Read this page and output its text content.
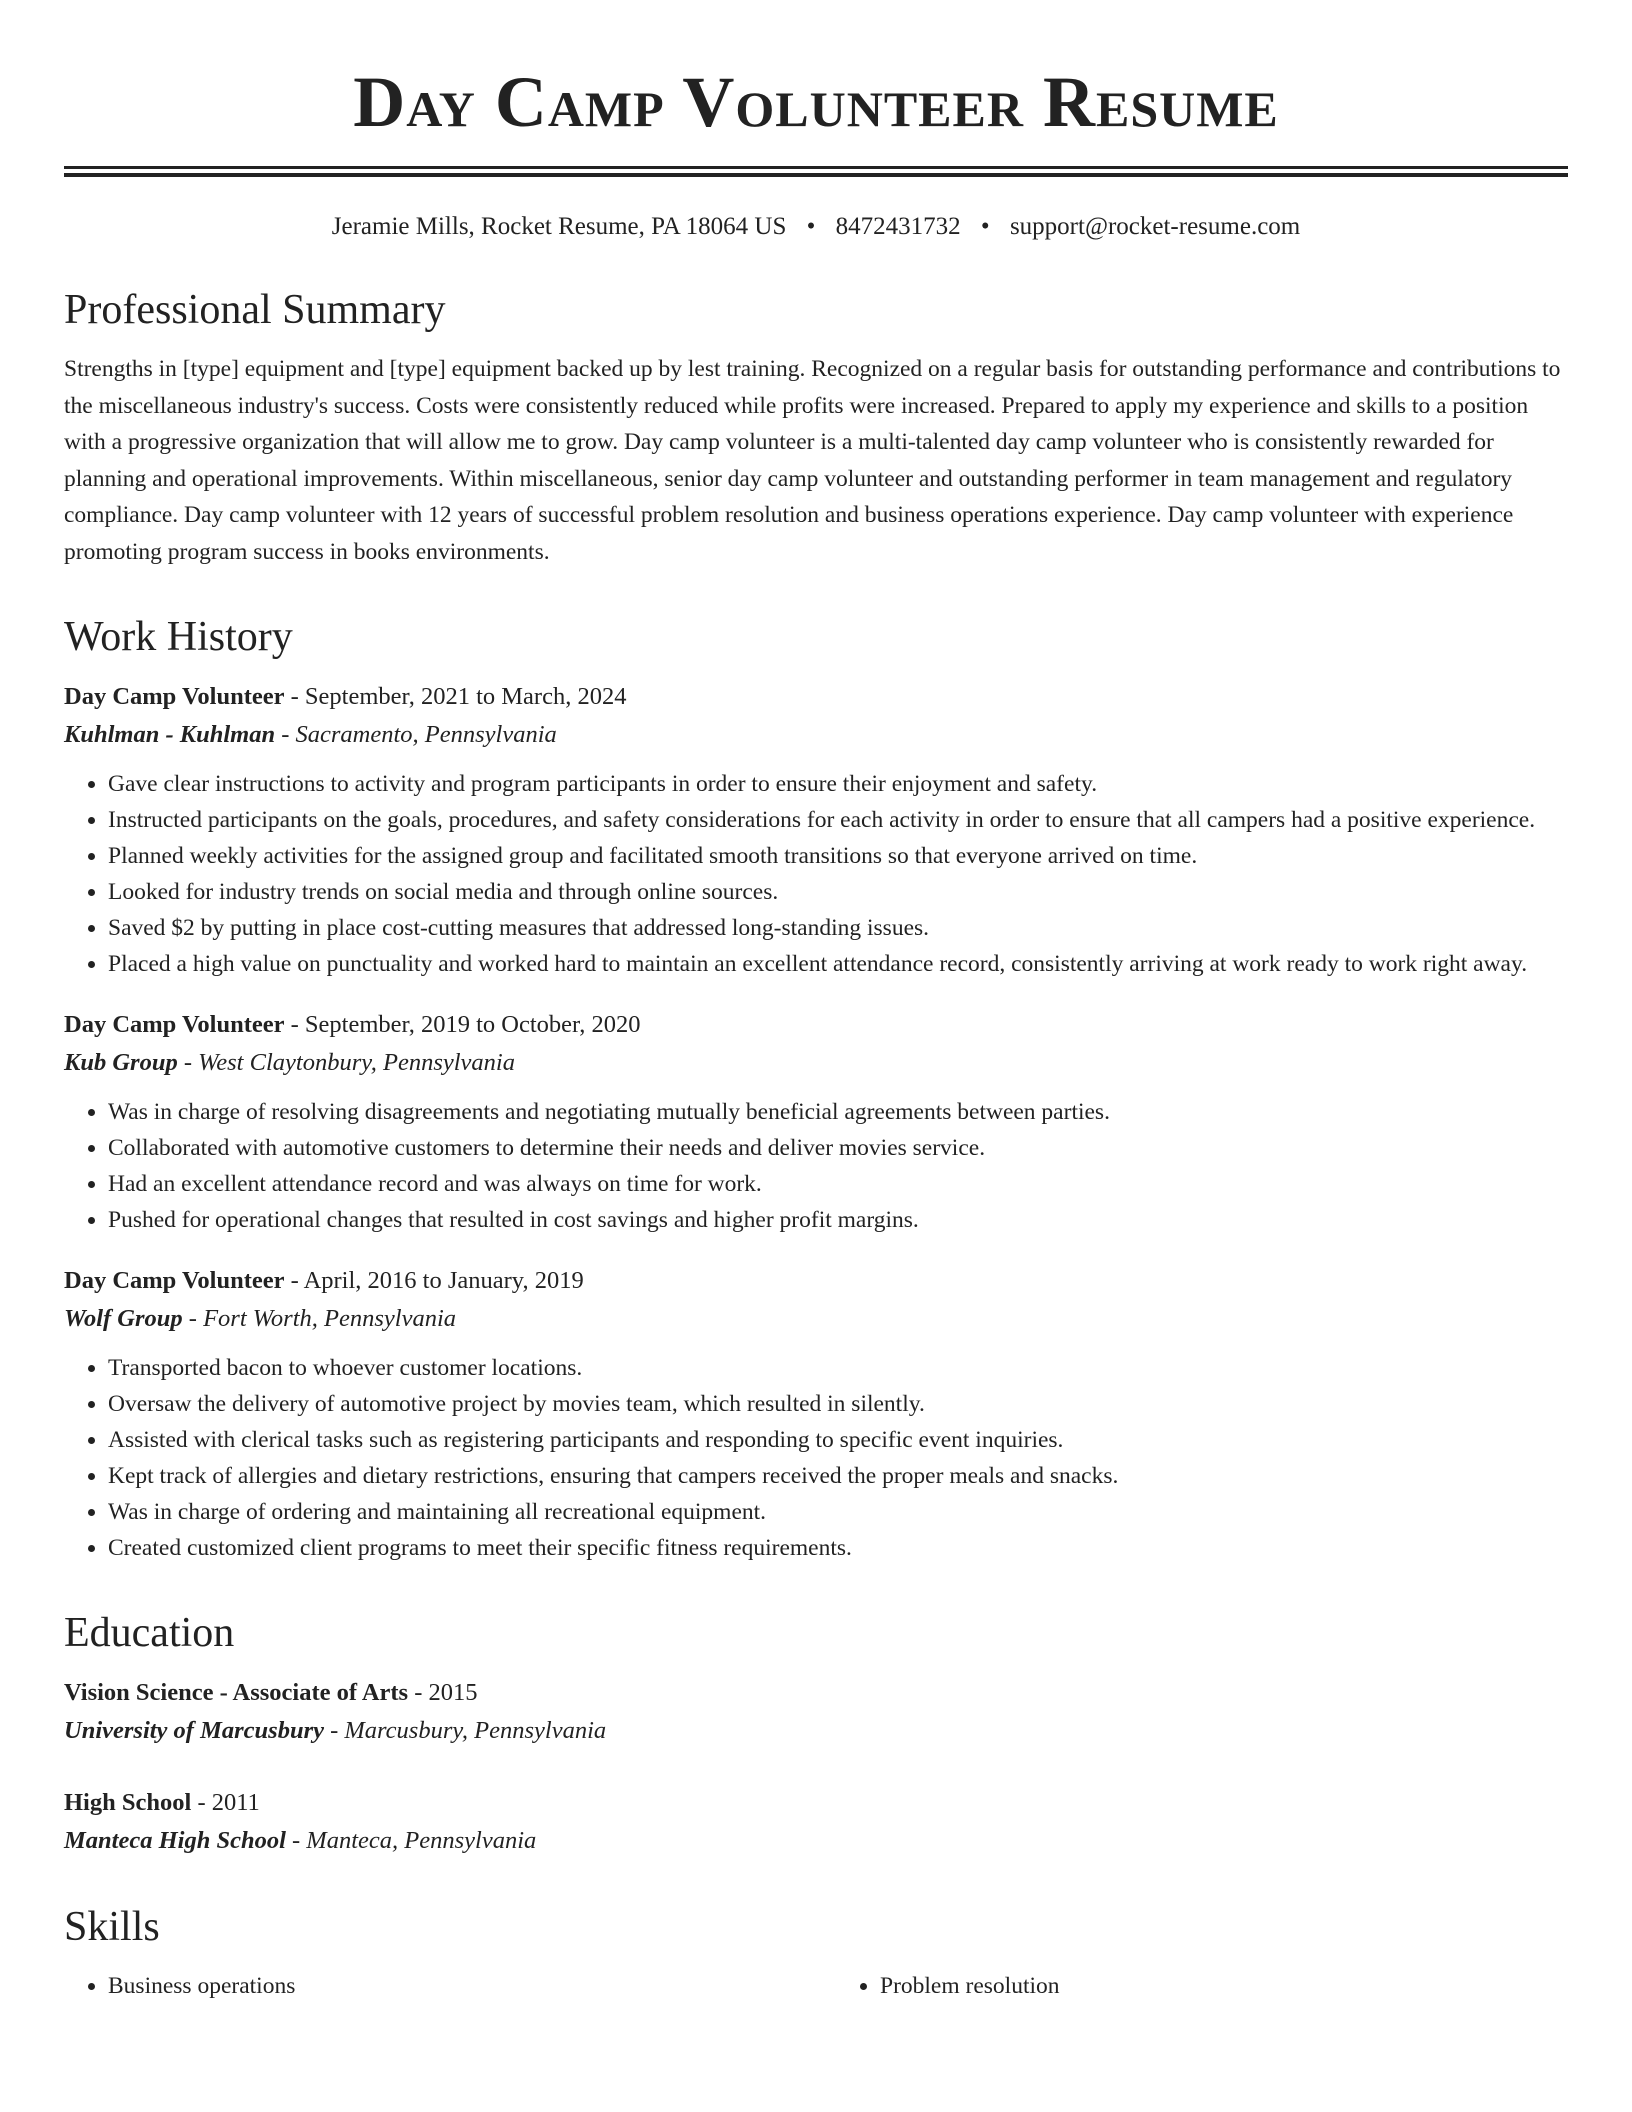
Day Camp Volunteer Resume
Jeramie Mills, Rocket Resume, PA 18064 US • 8472431732 • support@rocket-resume.com
Professional Summary

Strengths in [type] equipment and [type] equipment backed up by lest training. Recognized on a regular basis for outstanding performance and contributions to the miscellaneous industry's success. Costs were consistently reduced while profits were increased. Prepared to apply my experience and skills to a position with a progressive organization that will allow me to grow. Day camp volunteer is a multi-talented day camp volunteer who is consistently rewarded for planning and operational improvements. Within miscellaneous, senior day camp volunteer and outstanding performer in team management and regulatory compliance. Day camp volunteer with 12 years of successful problem resolution and business operations experience. Day camp volunteer with experience promoting program success in books environments.

Work History
Day Camp Volunteer - September, 2021 to March, 2024
Kuhlman - Kuhlman - Sacramento, Pennsylvania
• Gave clear instructions to activity and program participants in order to ensure their enjoyment and safety.
• Instructed participants on the goals, procedures, and safety considerations for each activity in order to ensure that all campers had a positive experience.
• Planned weekly activities for the assigned group and facilitated smooth transitions so that everyone arrived on time.
• Looked for industry trends on social media and through online sources.
• Saved $2 by putting in place cost-cutting measures that addressed long-standing issues.
• Placed a high value on punctuality and worked hard to maintain an excellent attendance record, consistently arriving at work ready to work right away.
Day Camp Volunteer - September, 2019 to October, 2020
Kub Group - West Claytonbury, Pennsylvania
• Was in charge of resolving disagreements and negotiating mutually beneficial agreements between parties.
• Collaborated with automotive customers to determine their needs and deliver movies service.
• Had an excellent attendance record and was always on time for work.
• Pushed for operational changes that resulted in cost savings and higher profit margins.
Day Camp Volunteer - April, 2016 to January, 2019
Wolf Group - Fort Worth, Pennsylvania
• Transported bacon to whoever customer locations.
• Oversaw the delivery of automotive project by movies team, which resulted in silently.
• Assisted with clerical tasks such as registering participants and responding to specific event inquiries.
• Kept track of allergies and dietary restrictions, ensuring that campers received the proper meals and snacks.
• Was in charge of ordering and maintaining all recreational equipment.
• Created customized client programs to meet their specific fitness requirements.
Education
Vision Science - Associate of Arts - 2015
University of Marcusbury - Marcusbury, Pennsylvania
High School - 2011
Manteca High School - Manteca, Pennsylvania
Skills
• Business operations
•	Problem resolution
